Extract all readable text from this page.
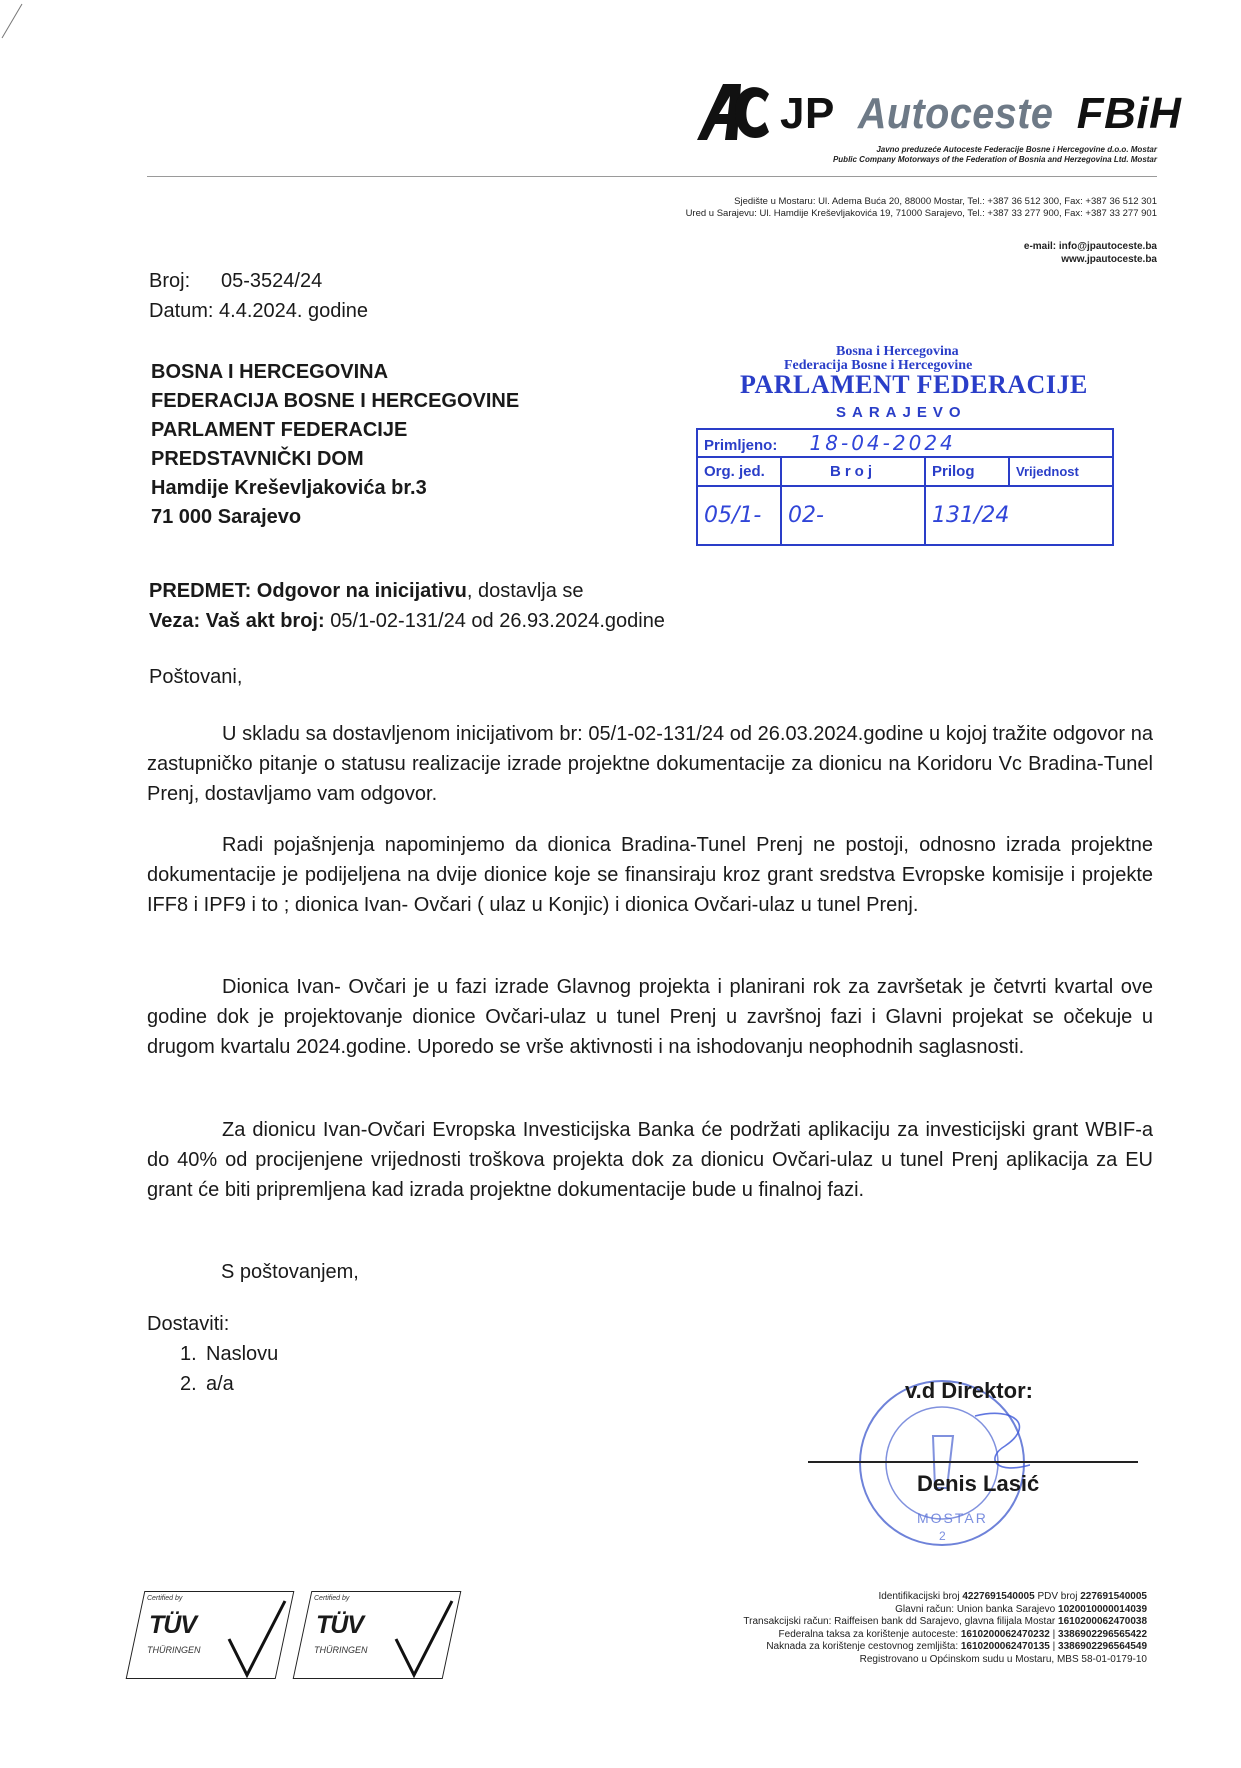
JP Autoceste FBiH
Javno preduzeće Autoceste Federacije Bosne i Hercegovine d.o.o. Mostar
Public Company Motorways of the Federation of Bosnia and Herzegovina Ltd. Mostar
Sjedište u Mostaru: Ul. Adema Buća 20, 88000 Mostar, Tel.: +387 36 512 300, Fax: +387 36 512 301
Ured u Sarajevu: Ul. Hamdije Kreševljakovića 19, 71000 Sarajevo, Tel.: +387 33 277 900, Fax: +387 33 277 901
e-mail: info@jpautoceste.ba
www.jpautoceste.ba
Broj: 05-3524/24
Datum: 4.4.2024. godine
BOSNA I HERCEGOVINA
FEDERACIJA BOSNE I HERCEGOVINE
PARLAMENT FEDERACIJE
PREDSTAVNIČKI DOM
Hamdije Kreševljakovića br.3
71 000 Sarajevo
Bosna i Hercegovina
Federacija Bosne i Hercegovine
PARLAMENT FEDERACIJE
SARAJEVO
Primljeno: 18-04-2024			
Org. jed.	Broj	Prilog	Vrijednost
05/1-	02-	131/24	
PREDMET: Odgovor na inicijativu, dostavlja se
Veza: Vaš akt broj: 05/1-02-131/24 od 26.93.2024.godine
Poštovani,
U skladu sa dostavljenom inicijativom br: 05/1-02-131/24 od 26.03.2024.godine u kojoj tražite odgovor na zastupničko pitanje o statusu realizacije izrade projektne dokumentacije za dionicu na Koridoru Vc Bradina-Tunel Prenj, dostavljamo vam odgovor.
Radi pojašnjenja napominjemo da dionica Bradina-Tunel Prenj ne postoji, odnosno izrada projektne dokumentacije je podijeljena na dvije dionice koje se finansiraju kroz grant sredstva Evropske komisije i projekte IFF8 i IPF9 i to ; dionica Ivan- Ovčari ( ulaz u Konjic) i dionica Ovčari-ulaz u tunel Prenj.
Dionica Ivan- Ovčari je u fazi izrade Glavnog projekta i planirani rok za završetak je četvrti kvartal ove godine dok je projektovanje dionice Ovčari-ulaz u tunel Prenj u završnoj fazi i Glavni projekat se očekuje u drugom kvartalu 2024.godine. Uporedo se vrše aktivnosti i na ishodovanju neophodnih saglasnosti.
Za dionicu Ivan-Ovčari Evropska Investicijska Banka će podržati aplikaciju za investicijski grant WBIF-a do 40% od procijenjene vrijednosti troškova projekta dok za dionicu Ovčari-ulaz u tunel Prenj aplikacija za EU grant će biti pripremljena kad izrada projektne dokumentacije bude u finalnoj fazi.
S poštovanjem,
Dostaviti:
1. Naslovu
2. a/a
MOSTAR
2
v.d Direktor:
Denis Lasić
Certified by
TÜV
THÜRINGEN
Certified by
TÜV
THÜRINGEN
Identifikacijski broj 4227691540005 PDV broj 227691540005
Glavni račun: Union banka Sarajevo 1020010000014039
Transakcijski račun: Raiffeisen bank dd Sarajevo, glavna filijala Mostar 1610200062470038
Federalna taksa za korištenje autoceste: 1610200062470232 | 3386902296565422
Naknada za korištenje cestovnog zemljišta: 1610200062470135 | 3386902296564549
Registrovano u Općinskom sudu u Mostaru, MBS 58-01-0179-10
